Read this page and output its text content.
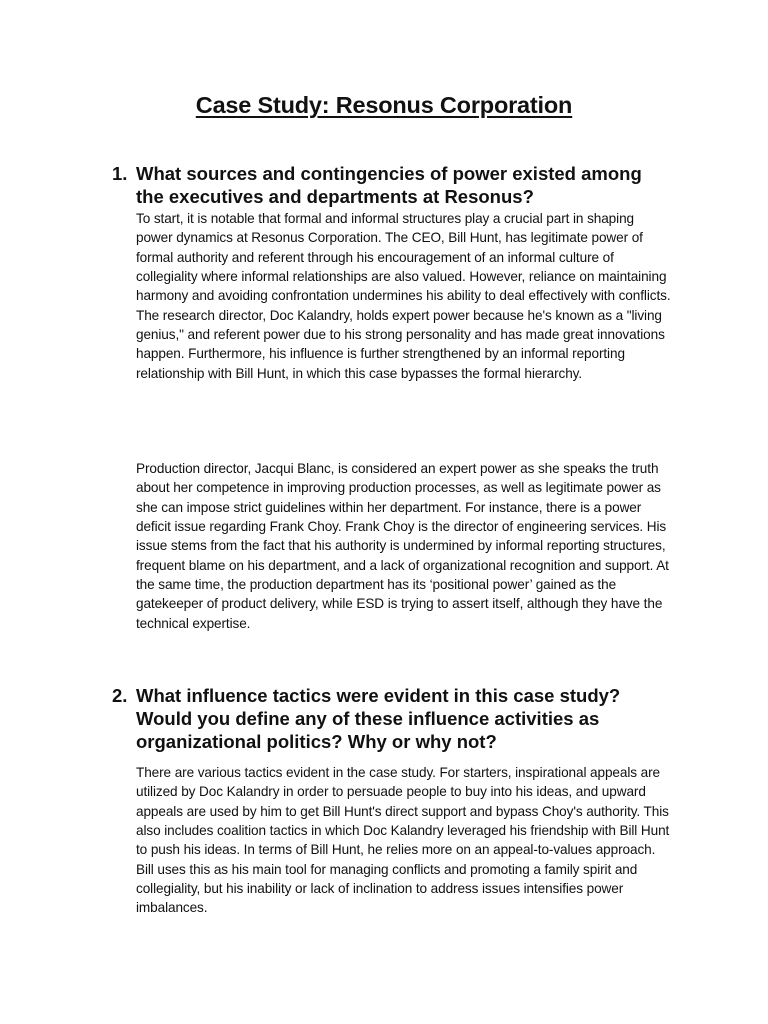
Case Study: Resonus Corporation
1. What sources and contingencies of power existed among the executives and departments at Resonus?

To start, it is notable that formal and informal structures play a crucial part in shaping power dynamics at Resonus Corporation. The CEO, Bill Hunt, has legitimate power of formal authority and referent through his encouragement of an informal culture of collegiality where informal relationships are also valued. However, reliance on maintaining harmony and avoiding confrontation undermines his ability to deal effectively with conflicts. The research director, Doc Kalandry, holds expert power because he's known as a "living genius," and referent power due to his strong personality and has made great innovations happen. Furthermore, his influence is further strengthened by an informal reporting relationship with Bill Hunt, in which this case bypasses the formal hierarchy.

Production director, Jacqui Blanc, is considered an expert power as she speaks the truth about her competence in improving production processes, as well as legitimate power as she can impose strict guidelines within her department. For instance, there is a power deficit issue regarding Frank Choy. Frank Choy is the director of engineering services. His issue stems from the fact that his authority is undermined by informal reporting structures, frequent blame on his department, and a lack of organizational recognition and support. At the same time, the production department has its ‘positional power’ gained as the gatekeeper of product delivery, while ESD is trying to assert itself, although they have the technical expertise.

2. What influence tactics were evident in this case study? Would you define any of these influence activities as organizational politics? Why or why not?

There are various tactics evident in the case study. For starters, inspirational appeals are utilized by Doc Kalandry in order to persuade people to buy into his ideas, and upward appeals are used by him to get Bill Hunt's direct support and bypass Choy's authority. This also includes coalition tactics in which Doc Kalandry leveraged his friendship with Bill Hunt to push his ideas. In terms of Bill Hunt, he relies more on an appeal-to-values approach. Bill uses this as his main tool for managing conflicts and promoting a family spirit and collegiality, but his inability or lack of inclination to address issues intensifies power imbalances.
